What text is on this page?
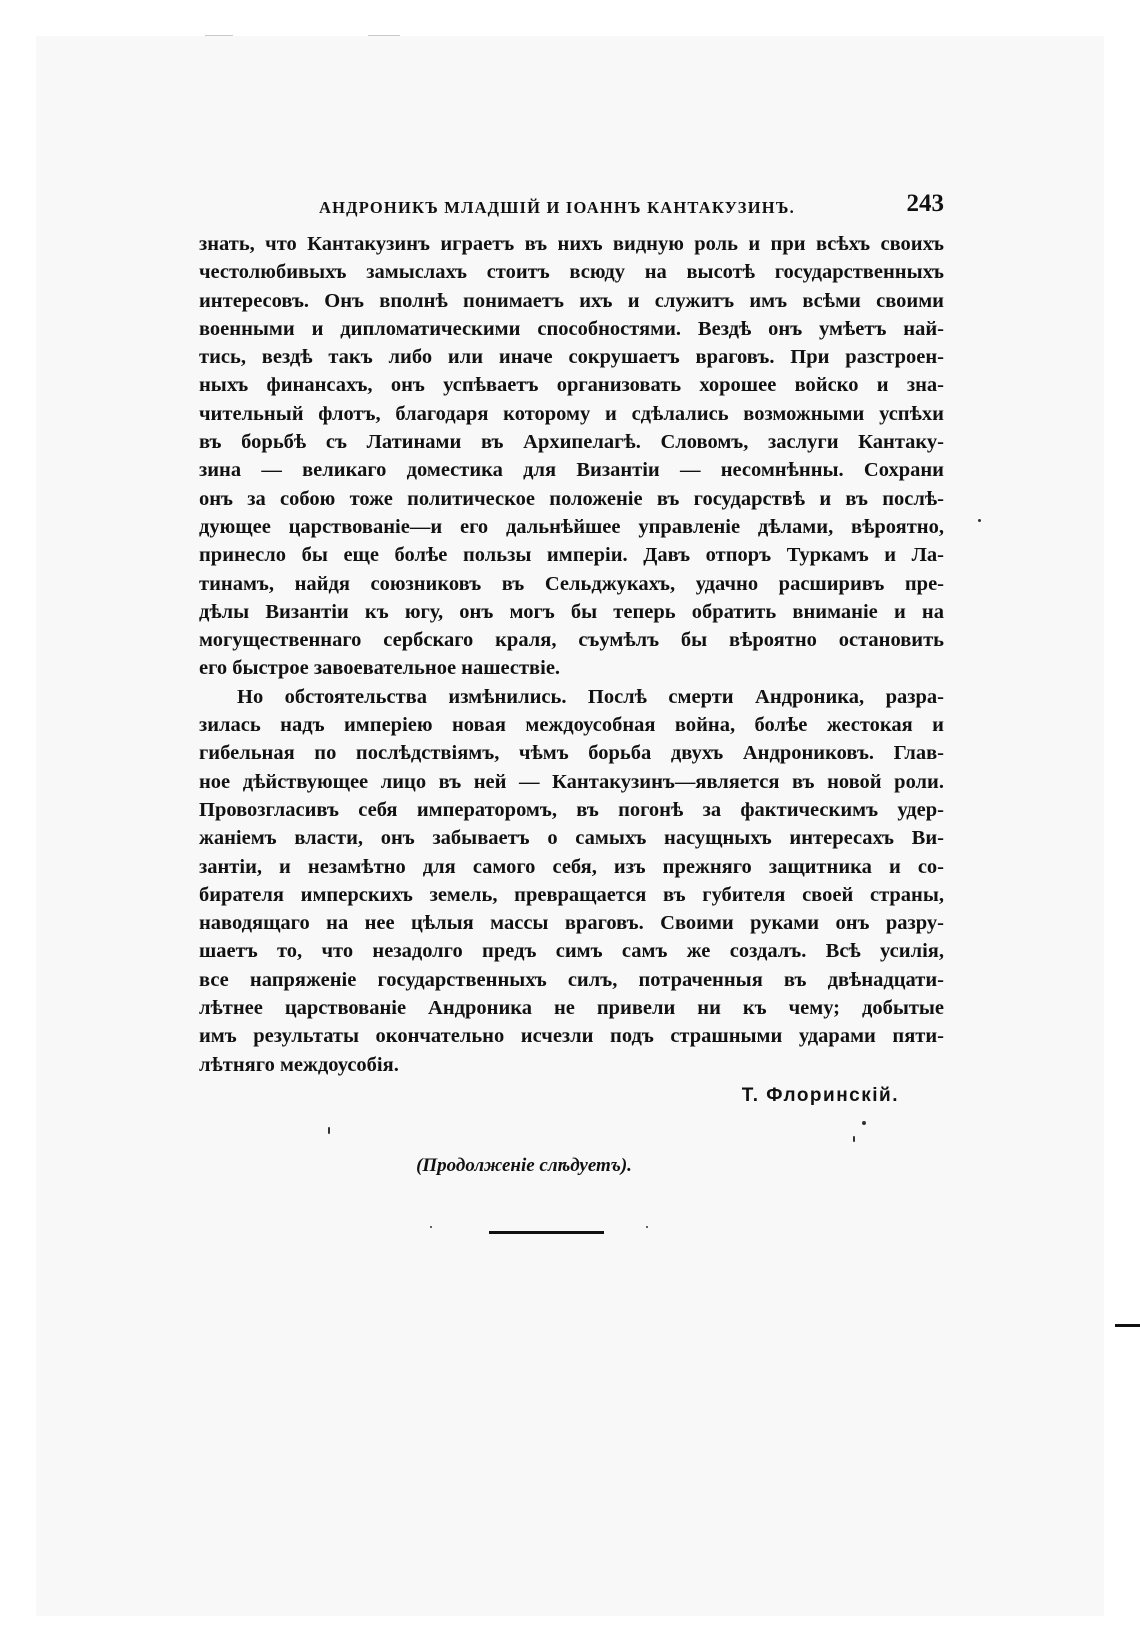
АНДРОНИКЪ МЛАДШІЙ И ІОАННЪ КАНТАКУЗИНЪ.	243
знать, что Кантакузинъ играетъ въ нихъ видную роль и при всѣхъ своихъ
честолюбивыхъ замыслахъ стоитъ всюду на высотѣ государственныхъ
интересовъ. Онъ вполнѣ понимаетъ ихъ и служитъ имъ всѣми своими
военными и дипломатическими способностями. Вездѣ онъ умѣетъ най-
тись, вездѣ такъ либо или иначе сокрушаетъ враговъ. При разстроен-
ныхъ финансахъ, онъ успѣваетъ организовать хорошее войско и зна-
чительный флотъ, благодаря которому и сдѣлались возможными успѣхи
въ борьбѣ съ Латинами въ Архипелагѣ. Словомъ, заслуги Кантаку-
зина — великаго доместика для Византіи — несомнѣнны. Сохрани
онъ за собою тоже политическое положеніе въ государствѣ и въ послѣ-
дующее царствованіе—и его дальнѣйшее управленіе дѣлами, вѣроятно,
принесло бы еще болѣе пользы имперіи. Давъ отпоръ Туркамъ и Ла-
тинамъ, найдя союзниковъ въ Сельджукахъ, удачно расширивъ пре-
дѣлы Византіи къ югу, онъ могъ бы теперь обратить вниманіе и на
могущественнаго сербскаго краля, съумѣлъ бы вѣроятно остановить
его быстрое завоевательное нашествіе.
Но обстоятельства измѣнились. Послѣ смерти Андроника, разра-
зилась надъ имперіею новая междоусобная война, болѣе жестокая и
гибельная по послѣдствіямъ, чѣмъ борьба двухъ Андрониковъ. Глав-
ное дѣйствующее лицо въ ней — Кантакузинъ—является въ новой роли.
Провозгласивъ себя императоромъ, въ погонѣ за фактическимъ удер-
жаніемъ власти, онъ забываетъ о самыхъ насущныхъ интересахъ Ви-
зантіи, и незамѣтно для самого себя, изъ прежняго защитника и со-
бирателя имперскихъ земель, превращается въ губителя своей страны,
наводящаго на нее цѣлыя массы враговъ. Своими руками онъ разру-
шаетъ то, что незадолго предъ симъ самъ же создалъ. Всѣ усилія,
все напряженіе государственныхъ силъ, потраченныя въ двѣнадцати-
лѣтнее царствованіе Андроника не привели ни къ чему; добытые
имъ результаты окончательно исчезли подъ страшными ударами пяти-
лѣтняго междоусобія.
Т. Флоринскій.
(Продолженіе слѣдуетъ).
